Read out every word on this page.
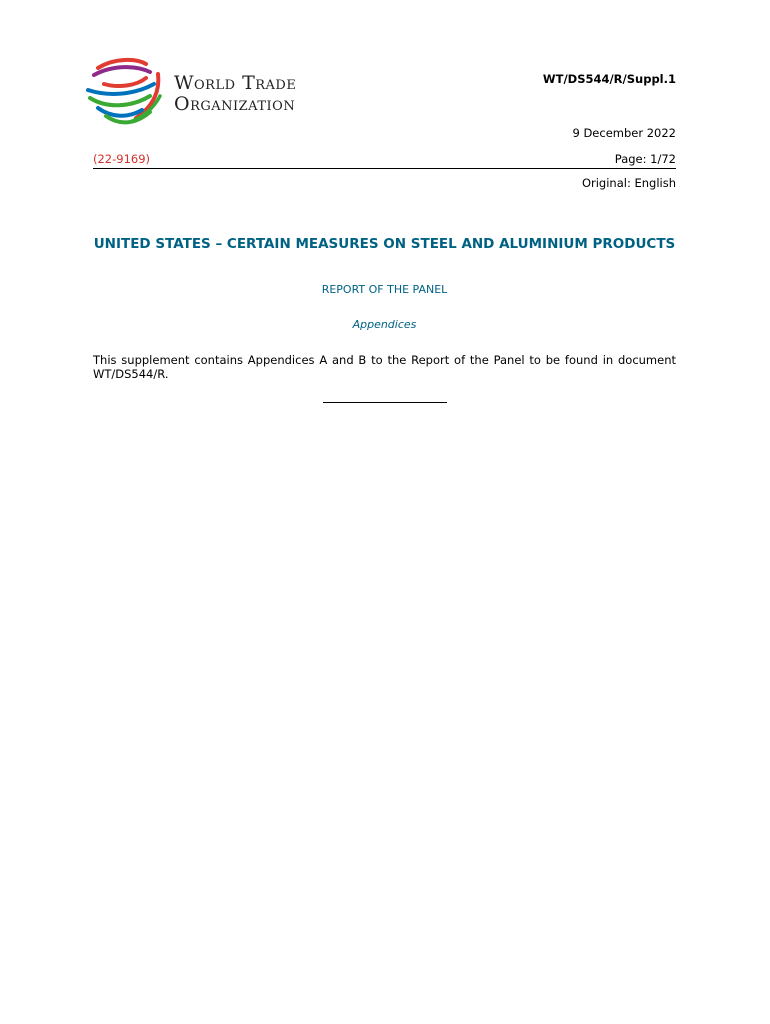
World Trade
Organization
WT/DS544/R/Suppl.1
9 December 2022
(22-9169)	Page: 1/72
Original: English
UNITED STATES – CERTAIN MEASURES ON STEEL AND ALUMINIUM PRODUCTS
REPORT OF THE PANEL
Appendices
This supplement contains Appendices A and B to the Report of the Panel to be found in document WT/DS544/R.
